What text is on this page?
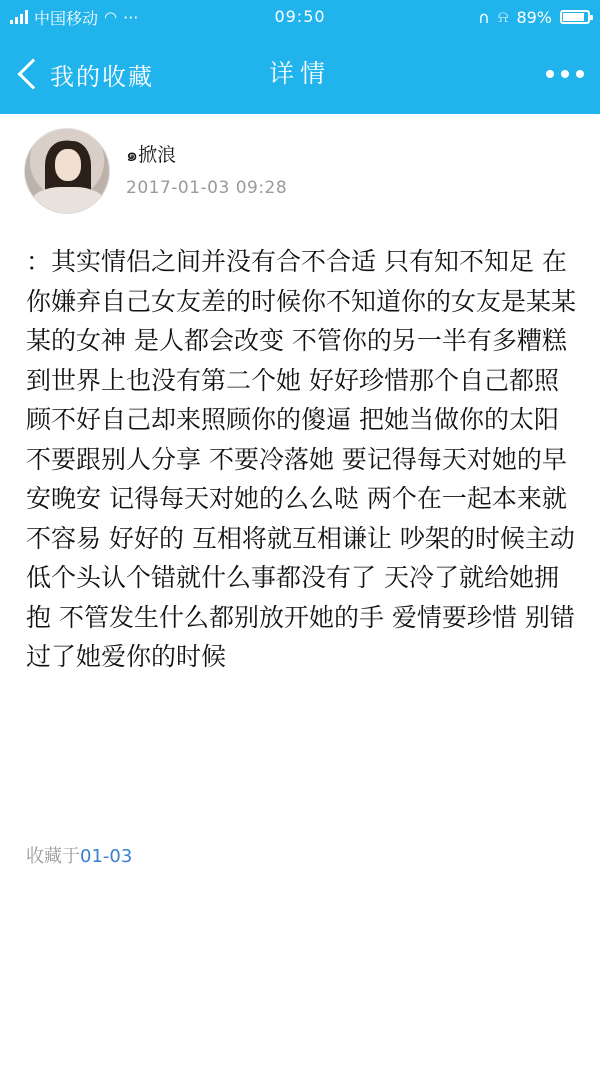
中国移动 ◠ ···	09:50	∩ ⍾ 89%
我的收藏	详情
๑掀浪
2017-01-03 09:28
：其实情侣之间并没有合不合适 只有知不知足 在你嫌弃自己女友差的时候你不知道你的女友是某某某的女神 是人都会改变 不管你的另一半有多糟糕到世界上也没有第二个她 好好珍惜那个自己都照顾不好自己却来照顾你的傻逼 把她当做你的太阳不要跟别人分享 不要冷落她 要记得每天对她的早安晚安 记得每天对她的么么哒 两个在一起本来就不容易 好好的 互相将就互相谦让 吵架的时候主动低个头认个错就什么事都没有了 天冷了就给她拥抱 不管发生什么都别放开她的手 爱情要珍惜 别错过了她爱你的时候
收藏于01-03
